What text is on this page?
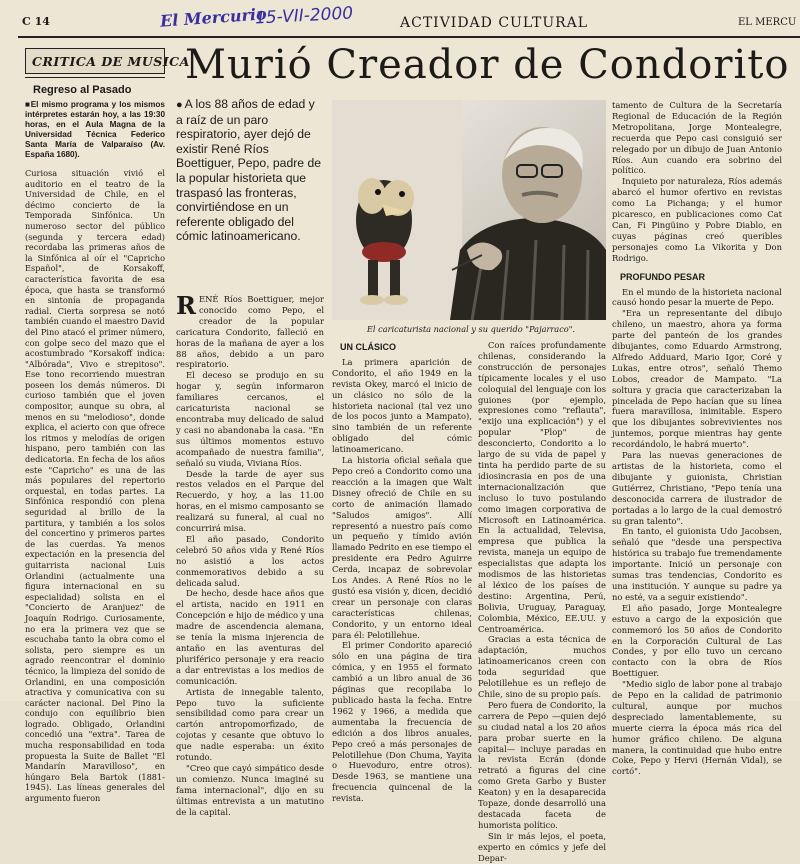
C 14	El Mercurio
15-VII-2000	ACTIVIDAD CULTURAL	EL MERCU
CRITICA DE MUSICA
Regreso al Pasado

■El mismo programa y los mismos intérpretes estarán hoy, a las 19:30 horas, en el Aula Magna de la Universidad Técnica Federico Santa María de Valparaíso (Av. España 1680).

Curiosa situación vivió el auditorio en el teatro de la Universidad de Chile, en el décimo concierto de la Temporada Sinfónica. Un numeroso sector del público (segunda y tercera edad) recordaba las primeras años de la Sinfónica al oír el "Capricho Español", de Korsakoff, característica favorita de esa época, que hasta se transformó en sintonía de propaganda radial. Cierta sorpresa se notó también cuando el maestro David del Pino atacó el primer número, con golpe seco del mazo que el acostumbrado "Korsakoff indica: "Albórada", Vivo e strepitoso". Ese tono recorriendo muestran poseen los demás números. Di curioso también que el joven compositor, aunque su obra, al menos en su "melodioso", donde explica, el acierto con que ofrece los ritmos y melodías de origen hispano, pero también con las dedicatoria. En fecha de los años este "Capricho" es una de las más populares del repertorio orquestal, en todas partes. La Sinfónica respondió con plena seguridad al brillo de la partitura, y también a los solos del concertino y primeros partes de las cuerdas. Ya menos expectación en la presencia del guitarrista nacional Luis Orlandini (actualmente una figura internacional en su especialidad) solista en el "Concierto de Aranjuez" de Joaquín Rodrigo. Curiosamente, no era la primera vez que se escuchaba tanto la obra como el solista, pero siempre es un agrado reencontrar el dominio técnico, la limpieza del sonido de Orlandini, en una composición atractiva y comunicativa con su carácter nacional. Del Pino la condujo con equilibrio bien logrado. Obligado, Orlandini concedió una "extra". Tarea de mucha responsabilidad en toda propuesta la Suite de Ballet "El Mandarín Maravilloso", en húngaro Bela Bartok (1881-1945). Las líneas generales del argumento fueron

Murió Creador de Condorito
● A los 88 años de edad y a raíz de un paro respiratorio, ayer dejó de existir René Ríos Boettiguer, Pepo, padre de la popular historieta que traspasó las fronteras, convirtiéndose en un referente obligado del cómic latinoamericano.
El caricaturista nacional y su querido "Pajarraco".

RENÉ Ríos Boettiguer, mejor conocido como Pepo, el creador de la popular caricatura Condorito, falleció en horas de la mañana de ayer a los 88 años, debido a un paro respiratorio.

El deceso se produjo en su hogar y, según informaron familiares cercanos, el caricaturista nacional se encontraba muy delicado de salud y casi no abandonaba la casa. "En sus últimos momentos estuvo acompañado de nuestra familia", señaló su viuda, Viviana Ríos.

Desde la tarde de ayer sus restos velados en el Parque del Recuerdo, y hoy, a las 11.00 horas, en el mismo camposanto se realizará su funeral, al cual no concurrirá misa.

El año pasado, Condorito celebró 50 años vida y René Ríos no asistió a los actos conmemorativos debido a su delicada salud.

De hecho, desde hace años que el artista, nacido en 1911 en Concepción e hijo de médico y una madre de ascendencia alemana, se tenía la misma injerencia de antaño en las aventuras del pluriférico personaje y era reacio a dar entrevistas a los medios de comunicación.

Artista de innegable talento, Pepo tuvo la suficiente sensibilidad como para crear un cartón antropomorfizado, de cojotas y cesante que obtuvo lo que nadie esperaba: un éxito rotundo.

"Creo que cayó simpático desde un comienzo. Nunca imaginé su fama internacional", dijo en su últimas entrevista a un matutino de la capital.

UN CLÁSICO

La primera aparición de Condorito, el año 1949 en la revista Okey, marcó el inicio de un clásico no sólo de la historieta nacional (tal vez uno de los pocos junto a Mampato), sino también de un referente obligado del cómic latinoamericano.

La historia oficial señala que Pepo creó a Condorito como una reacción a la imagen que Walt Disney ofreció de Chile en su corto de animación llamado "Saludos amigos". Allí representó a nuestro país como un pequeño y tímido avión llamado Pedrito en ese tiempo el presidente era Pedro Aguirre Cerda, incapaz de sobrevolar Los Andes. A René Ríos no le gustó esa visión y, dicen, decidió crear un personaje con claras características chilenas, Condorito, y un entorno ideal para él: Pelotillehue.

El primer Condorito apareció sólo en una página de tira cómica, y en 1955 el formato cambió a un libro anual de 36 páginas que recopilaba lo publicado hasta la fecha. Entre 1962 y 1966, a medida que aumentaba la frecuencia de edición a dos libros anuales, Pepo creó a más personajes de Pelotillehue (Don Chuma, Yayita o Huevoduro, entre otros). Desde 1963, se mantiene una frecuencia quincenal de la revista.

Con raíces profundamente chilenas, considerando la construcción de personajes típicamente locales y el uso coloquial del lenguaje con los guiones (por ejemplo, expresiones como "reflauta", "exijo una explicación") y el popular "Plop" de desconcierto, Condorito a lo largo de su vida de papel y tinta ha perdido parte de su idiosincrasia en pos de una internacionalización que incluso lo tuvo postulando como imagen corporativa de Microsoft en Latinoamérica. En la actualidad, Televisa, empresa que publica la revista, maneja un equipo de especialistas que adapta los modismos de las historietas al léxico de los países de destino: Argentina, Perú, Bolivia, Uruguay, Paraguay, Colombia, México, EE.UU. y Centroamérica.

Gracias a esta técnica de adaptación, muchos latinoamericanos creen con toda seguridad que Pelotillehue es un reflejo de Chile, sino de su propio país.

Pero fuera de Condorito, la carrera de Pepo —quien dejó su ciudad natal a los 20 años para probar suerte en la capital— incluye paradas en la revista Ecrán (donde retrató a figuras del cine como Greta Garbo y Buster Keaton) y en la desaparecida Topaze, donde desarrolló una destacada faceta de humorista político.

Sin ir más lejos, el poeta, experto en cómics y jefe del Depar-

tamento de Cultura de la Secretaría Regional de Educación de la Región Metropolitana, Jorge Montealegre, recuerda que Pepo casi consiguió ser relegado por un dibujo de Juan Antonio Ríos. Aun cuando era sobrino del político.

Inquieto por naturaleza, Ríos además abarcó el humor ofertivo en revistas como La Pichanga; y el humor picaresco, en publicaciones como Cat Can, Fi Pingüino y Pobre Diablo, en cuyas páginas creó queribles personajes como La Vikorita y Don Rodrigo.

PROFUNDO PESAR

En el mundo de la historieta nacional causó hondo pesar la muerte de Pepo.

"Era un representante del dibujo chileno, un maestro, ahora ya forma parte del panteón de los grandes dibujantes, como Eduardo Armstrong, Alfredo Adduard, Mario Igor, Coré y Lukas, entre otros", señaló Themo Lobos, creador de Mampato. "La soltura y gracia que caracterizaban la pincelada de Pepo hacían que su línea fuera maravillosa, inimitable. Espero que los dibujantes sobrevivientes nos juntemos, porque mientras hay gente recordándolo, le habrá muerto".

Para las nuevas generaciones de artistas de la historieta, como el dibujante y guionista, Christian Gutiérrez, Christiano, "Pepo tenía una desconocida carrera de ilustrador de portadas a lo largo de la cual demostró su gran talento".

En tanto, el guionista Udo Jacobsen, señaló que "desde una perspectiva histórica su trabajo fue tremendamente importante. Inició un personaje con sumas tras tendencias, Condorito es una institución. Y aunque su padre ya no esté, va a seguir existiendo".

El año pasado, Jorge Montealegre estuvo a cargo de la exposición que conmemoró los 50 años de Condorito en la Corporación Cultural de Las Condes, y por ello tuvo un cercano contacto con la obra de Ríos Boettiguer.

"Medio siglo de labor pone al trabajo de Pepo en la calidad de patrimonio cultural, aunque por muchos despreciado lamentablemente, su muerte cierra la época más rica del humor gráfico chileno. De alguna manera, la continuidad que hubo entre Coke, Pepo y Hervi (Hernán Vidal), se cortó".
